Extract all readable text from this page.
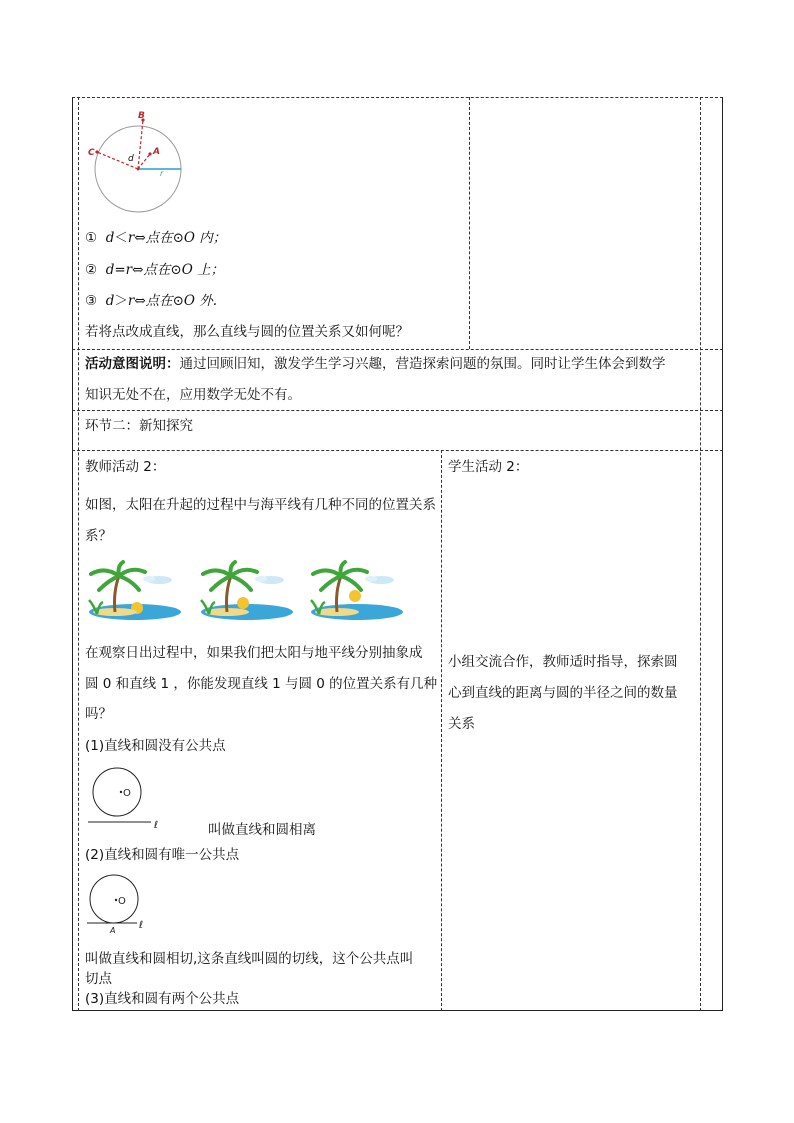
B
C	A
d
r
① d＜r⇔点在⊙O 内；
② d=r⇔点在⊙O 上；
③ d＞r⇔点在⊙O 外.
若将点改成直线，那么直线与圆的位置关系又如何呢？
活动意图说明：通过回顾旧知，激发学生学习兴趣，营造探索问题的氛围。同时让学生体会到数学
知识无处不在，应用数学无处不有。
环节二：新知探究
教师活动 2：
如图，太阳在升起的过程中与海平线有几种不同的位置关系
系？
在观察日出过程中，如果我们把太阳与地平线分别抽象成
圆 0 和直线 1 ，你能发现直线 1 与圆 0 的位置关系有几种
吗？
(1)直线和圆没有公共点
O
ℓ	叫做直线和圆相离
(2)直线和圆有唯一公共点
O
ℓ
A
叫做直线和圆相切,这条直线叫圆的切线，这个公共点叫
切点
(3)直线和圆有两个公共点
学生活动 2：
小组交流合作，教师适时指导，探索圆
心到直线的距离与圆的半径之间的数量
关系
